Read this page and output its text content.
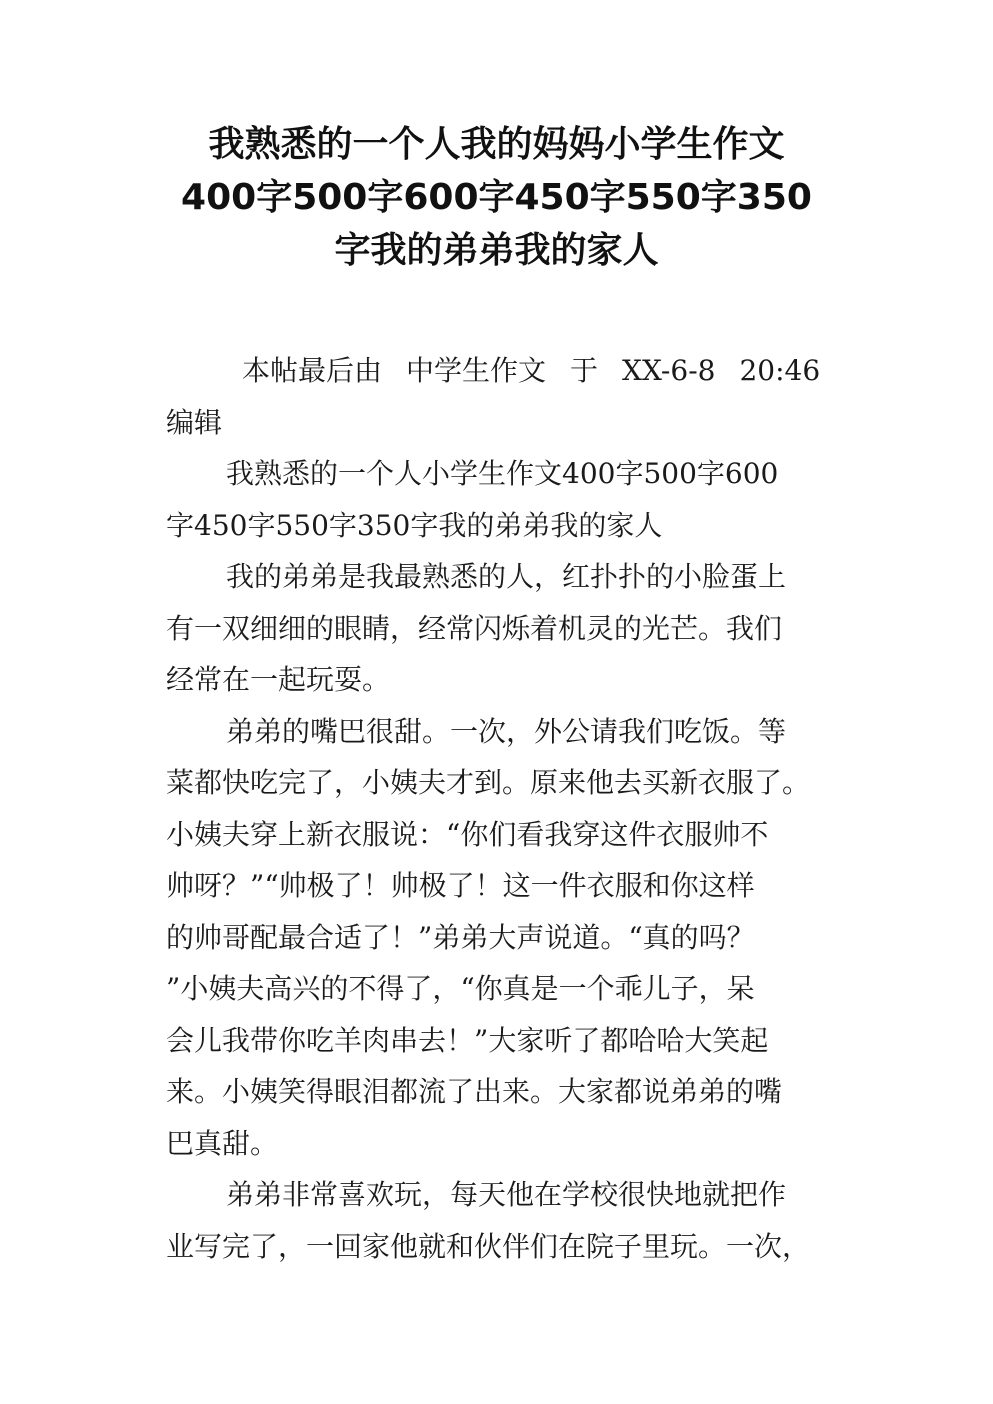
我熟悉的一个人我的妈妈小学生作文
400字500字600字450字550字350
字我的弟弟我的家人
本帖最后由 中学生作文 于 XX-6-8 20:46
编辑
我熟悉的一个人小学生作文400字500字600
字450字550字350字我的弟弟我的家人
我的弟弟是我最熟悉的人，红扑扑的小脸蛋上
有一双细细的眼睛，经常闪烁着机灵的光芒。我们
经常在一起玩耍。
弟弟的嘴巴很甜。一次，外公请我们吃饭。等
菜都快吃完了，小姨夫才到。原来他去买新衣服了。
小姨夫穿上新衣服说：“你们看我穿这件衣服帅不
帅呀？”“帅极了！帅极了！这一件衣服和你这样
的帅哥配最合适了！”弟弟大声说道。“真的吗？
”小姨夫高兴的不得了，“你真是一个乖儿子，呆
会儿我带你吃羊肉串去！”大家听了都哈哈大笑起
来。小姨笑得眼泪都流了出来。大家都说弟弟的嘴
巴真甜。
弟弟非常喜欢玩，每天他在学校很快地就把作
业写完了，一回家他就和伙伴们在院子里玩。一次，
